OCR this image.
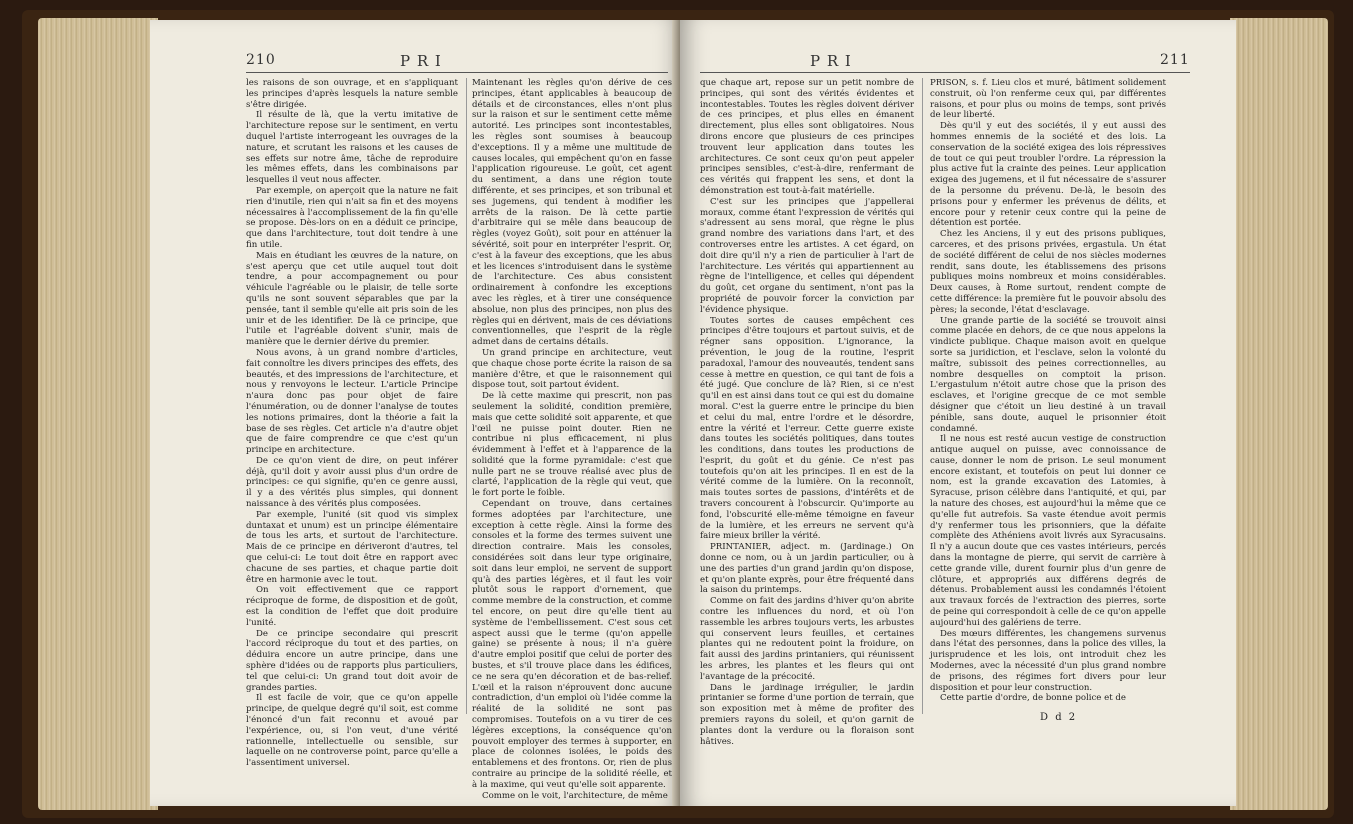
210	P R I

les raisons de son ouvrage, et en s'appliquant les principes d'après lesquels la nature semble s'être dirigée.

Il résulte de là, que la vertu imitative de l'architecture repose sur le sentiment, en vertu duquel l'artiste interrogeant les ouvrages de la nature, et scrutant les raisons et les causes de ses effets sur notre âme, tâche de reproduire les mêmes effets, dans les combinaisons par lesquelles il veut nous affecter.

Par exemple, on aperçoit que la nature ne fait rien d'inutile, rien qui n'ait sa fin et des moyens nécessaires à l'accomplissement de la fin qu'elle se propose. Dès-lors on en a déduit ce principe, que dans l'architecture, tout doit tendre à une fin utile.

Mais en étudiant les œuvres de la nature, on s'est aperçu que cet utile auquel tout doit tendre, a pour accompagnement ou pour véhicule l'agréable ou le plaisir, de telle sorte qu'ils ne sont souvent séparables que par la pensée, tant il semble qu'elle ait pris soin de les unir et de les identifier. De là ce principe, que l'utile et l'agréable doivent s'unir, mais de manière que le dernier dérive du premier.

Nous avons, à un grand nombre d'articles, fait connoître les divers principes des effets, des beautés, et des impressions de l'architecture, et nous y renvoyons le lecteur. L'article Principe n'aura donc pas pour objet de faire l'énumération, ou de donner l'analyse de toutes les notions primaires, dont la théorie a fait la base de ses règles. Cet article n'a d'autre objet que de faire comprendre ce que c'est qu'un principe en architecture.

De ce qu'on vient de dire, on peut inférer déjà, qu'il doit y avoir aussi plus d'un ordre de principes: ce qui signifie, qu'en ce genre aussi, il y a des vérités plus simples, qui donnent naissance à des vérités plus composées.

Par exemple, l'unité (sit quod vis simplex duntaxat et unum) est un principe élémentaire de tous les arts, et surtout de l'architecture. Mais de ce principe en dériveront d'autres, tel que celui-ci: Le tout doit être en rapport avec chacune de ses parties, et chaque partie doit être en harmonie avec le tout.

On voit effectivement que ce rapport réciproque de forme, de disposition et de goût, est la condition de l'effet que doit produire l'unité.

De ce principe secondaire qui prescrit l'accord réciproque du tout et des parties, on déduira encore un autre principe, dans une sphère d'idées ou de rapports plus particuliers, tel que celui-ci: Un grand tout doit avoir de grandes parties.

Il est facile de voir, que ce qu'on appelle principe, de quelque degré qu'il soit, est comme l'énoncé d'un fait reconnu et avoué par l'expérience, ou, si l'on veut, d'une vérité rationnelle, intellectuelle ou sensible, sur laquelle on ne controverse point, parce qu'elle a l'assentiment universel.

Maintenant les règles qu'on dérive de ces principes, étant applicables à beaucoup de détails et de circonstances, elles n'ont plus sur la raison et sur le sentiment cette même autorité. Les principes sont incontestables, les règles sont soumises à beaucoup d'exceptions. Il y a même une multitude de causes locales, qui empêchent qu'on en fasse l'application rigoureuse. Le goût, cet agent du sentiment, a dans une région toute différente, et ses principes, et son tribunal et ses jugemens, qui tendent à modifier les arrêts de la raison. De là cette partie d'arbitraire qui se mêle dans beaucoup de règles (voyez Goût), soit pour en atténuer la sévérité, soit pour en interpréter l'esprit. Or, c'est à la faveur des exceptions, que les abus et les licences s'introduisent dans le système de l'architecture. Ces abus consistent ordinairement à confondre les exceptions avec les règles, et à tirer une conséquence absolue, non plus des principes, non plus des règles qui en dérivent, mais de ces déviations conventionnelles, que l'esprit de la règle admet dans de certains détails.

Un grand principe en architecture, veut que chaque chose porte écrite la raison de sa manière d'être, et que le raisonnement qui dispose tout, soit partout évident.

De là cette maxime qui prescrit, non pas seulement la solidité, condition première, mais que cette solidité soit apparente, et que l'œil ne puisse point douter. Rien ne contribue ni plus efficacement, ni plus évidemment à l'effet et à l'apparence de la solidité que la forme pyramidale: c'est que nulle part ne se trouve réalisé avec plus de clarté, l'application de la règle qui veut, que le fort porte le foible.

Cependant on trouve, dans certaines formes adoptées par l'architecture, une exception à cette règle. Ainsi la forme des consoles et la forme des termes suivent une direction contraire. Mais les consoles, considérées soit dans leur type originaire, soit dans leur emploi, ne servent de support qu'à des parties légères, et il faut les voir plutôt sous le rapport d'ornement, que comme membre de la construction, et comme tel encore, on peut dire qu'elle tient au système de l'embellissement. C'est sous cet aspect aussi que le terme (qu'on appelle gaine) se présente à nous; il n'a guère d'autre emploi positif que celui de porter des bustes, et s'il trouve place dans les édifices, ce ne sera qu'en décoration et de bas-relief. L'œil et la raison n'éprouvent donc aucune contradiction, d'un emploi où l'idée comme la réalité de la solidité ne sont pas compromises. Toutefois on a vu tirer de ces légères exceptions, la conséquence qu'on pouvoit employer des termes à supporter, en place de colonnes isolées, le poids des entablemens et des frontons. Or, rien de plus contraire au principe de la solidité réelle, et à la maxime, qui veut qu'elle soit apparente.

Comme on le voit, l'architecture, de même

P R I	211

que chaque art, repose sur un petit nombre de principes, qui sont des vérités évidentes et incontestables. Toutes les règles doivent dériver de ces principes, et plus elles en émanent directement, plus elles sont obligatoires. Nous dirons encore que plusieurs de ces principes trouvent leur application dans toutes les architectures. Ce sont ceux qu'on peut appeler principes sensibles, c'est-à-dire, renfermant de ces vérités qui frappent les sens, et dont la démonstration est tout-à-fait matérielle.

C'est sur les principes que j'appellerai moraux, comme étant l'expression de vérités qui s'adressent au sens moral, que règne le plus grand nombre des variations dans l'art, et des controverses entre les artistes. A cet égard, on doit dire qu'il n'y a rien de particulier à l'art de l'architecture. Les vérités qui appartiennent au règne de l'intelligence, et celles qui dépendent du goût, cet organe du sentiment, n'ont pas la propriété de pouvoir forcer la conviction par l'évidence physique.

Toutes sortes de causes empêchent ces principes d'être toujours et partout suivis, et de régner sans opposition. L'ignorance, la prévention, le joug de la routine, l'esprit paradoxal, l'amour des nouveautés, tendent sans cesse à mettre en question, ce qui tant de fois a été jugé. Que conclure de là? Rien, si ce n'est qu'il en est ainsi dans tout ce qui est du domaine moral. C'est la guerre entre le principe du bien et celui du mal, entre l'ordre et le désordre, entre la vérité et l'erreur. Cette guerre existe dans toutes les sociétés politiques, dans toutes les conditions, dans toutes les productions de l'esprit, du goût et du génie. Ce n'est pas toutefois qu'on ait les principes. Il en est de la vérité comme de la lumière. On la reconnoît, mais toutes sortes de passions, d'intérêts et de travers concourent à l'obscurcir. Qu'importe au fond, l'obscurité elle-même témoigne en faveur de la lumière, et les erreurs ne servent qu'à faire mieux briller la vérité.

PRINTANIER, adject. m. (Jardinage.) On donne ce nom, ou à un jardin particulier, ou à une des parties d'un grand jardin qu'on dispose, et qu'on plante exprès, pour être fréquenté dans la saison du printemps.

Comme on fait des jardins d'hiver qu'on abrite contre les influences du nord, et où l'on rassemble les arbres toujours verts, les arbustes qui conservent leurs feuilles, et certaines plantes qui ne redoutent point la froidure, on fait aussi des jardins printaniers, qui réunissent les arbres, les plantes et les fleurs qui ont l'avantage de la précocité.

Dans le jardinage irrégulier, le jardin printanier se forme d'une portion de terrain, que son exposition met à même de profiter des premiers rayons du soleil, et qu'on garnit de plantes dont la verdure ou la floraison sont hâtives.

PRISON, s. f. Lieu clos et muré, bâtiment solidement construit, où l'on renferme ceux qui, par différentes raisons, et pour plus ou moins de temps, sont privés de leur liberté.

Dès qu'il y eut des sociétés, il y eut aussi des hommes ennemis de la société et des lois. La conservation de la société exigea des lois répressives de tout ce qui peut troubler l'ordre. La répression la plus active fut la crainte des peines. Leur application exigea des jugemens, et il fut nécessaire de s'assurer de la personne du prévenu. De-là, le besoin des prisons pour y enfermer les prévenus de délits, et encore pour y retenir ceux contre qui la peine de détention est portée.

Chez les Anciens, il y eut des prisons publiques, carceres, et des prisons privées, ergastula. Un état de société différent de celui de nos siècles modernes rendit, sans doute, les établissemens des prisons publiques moins nombreux et moins considérables. Deux causes, à Rome surtout, rendent compte de cette différence: la première fut le pouvoir absolu des pères; la seconde, l'état d'esclavage.

Une grande partie de la société se trouvoit ainsi comme placée en dehors, de ce que nous appelons la vindicte publique. Chaque maison avoit en quelque sorte sa juridiction, et l'esclave, selon la volonté du maître, subissoit des peines correctionnelles, au nombre desquelles on comptoit la prison. L'ergastulum n'étoit autre chose que la prison des esclaves, et l'origine grecque de ce mot semble désigner que c'étoit un lieu destiné à un travail pénible, sans doute, auquel le prisonnier étoit condamné.

Il ne nous est resté aucun vestige de construction antique auquel on puisse, avec connoissance de cause, donner le nom de prison. Le seul monument encore existant, et toutefois on peut lui donner ce nom, est la grande excavation des Latomies, à Syracuse, prison célèbre dans l'antiquité, et qui, par la nature des choses, est aujourd'hui la même que ce qu'elle fut autrefois. Sa vaste étendue avoit permis d'y renfermer tous les prisonniers, que la défaite complète des Athéniens avoit livrés aux Syracusains. Il n'y a aucun doute que ces vastes intérieurs, percés dans la montagne de pierre, qui servit de carrière à cette grande ville, durent fournir plus d'un genre de clôture, et appropriés aux différens degrés de détenus. Probablement aussi les condamnés l'étoient aux travaux forcés de l'extraction des pierres, sorte de peine qui correspondoit à celle de ce qu'on appelle aujourd'hui des galériens de terre.

Des mœurs différentes, les changemens survenus dans l'état des personnes, dans la police des villes, la jurisprudence et les lois, ont introduit chez les Modernes, avec la nécessité d'un plus grand nombre de prisons, des régimes fort divers pour leur disposition et pour leur construction.

Cette partie d'ordre, de bonne police et de

D d 2
